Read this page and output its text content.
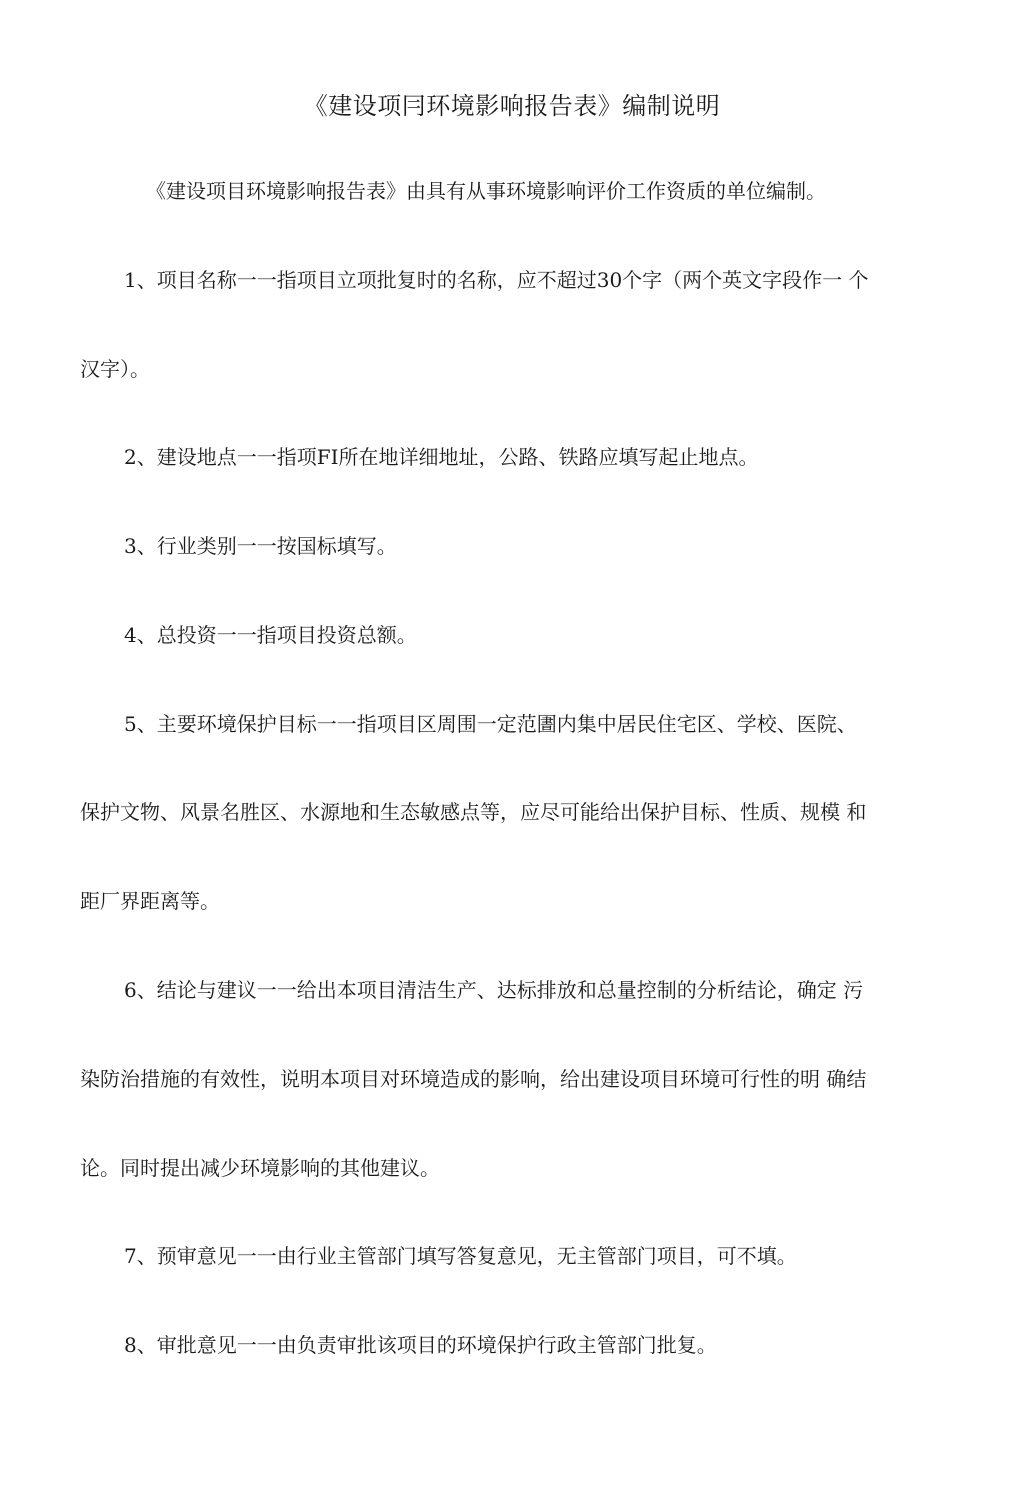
《建设项冃环境影响报告表》编制说明
《建设项目环境影响报告表》由具有从事环境影响评价工作资质的单位编制。
1、项目名称一一指项目立项批复时的名称，应不超过30个字（两个英文字段作一 个
汉字）。
2、建设地点一一指项FI所在地详细地址，公路、铁路应填写起止地点。
3、行业类别一一按国标填写。
4、总投资一一指项目投资总额。
5、主要环境保护目标一一指项目区周围一定范圕内集中居民住宅区、学校、医院、
保护文物、风景名胜区、水源地和生态敏感点等，应尽可能给出保护目标、性质、规模 和
距厂界距离等。
6、结论与建议一一给出本项目清洁生产、达标排放和总量控制的分析结论，确定 污
染防治措施的有效性，说明本项目对环境造成的影响，给出建设项目环境可行性的明 确结
论。同时提出减少环境影响的其他建议。
7、预审意见一一由行业主管部门填写答复意见，无主管部门项目，可不填。
8、审批意见一一由负责审批该项目的环境保护行政主管部门批复。
